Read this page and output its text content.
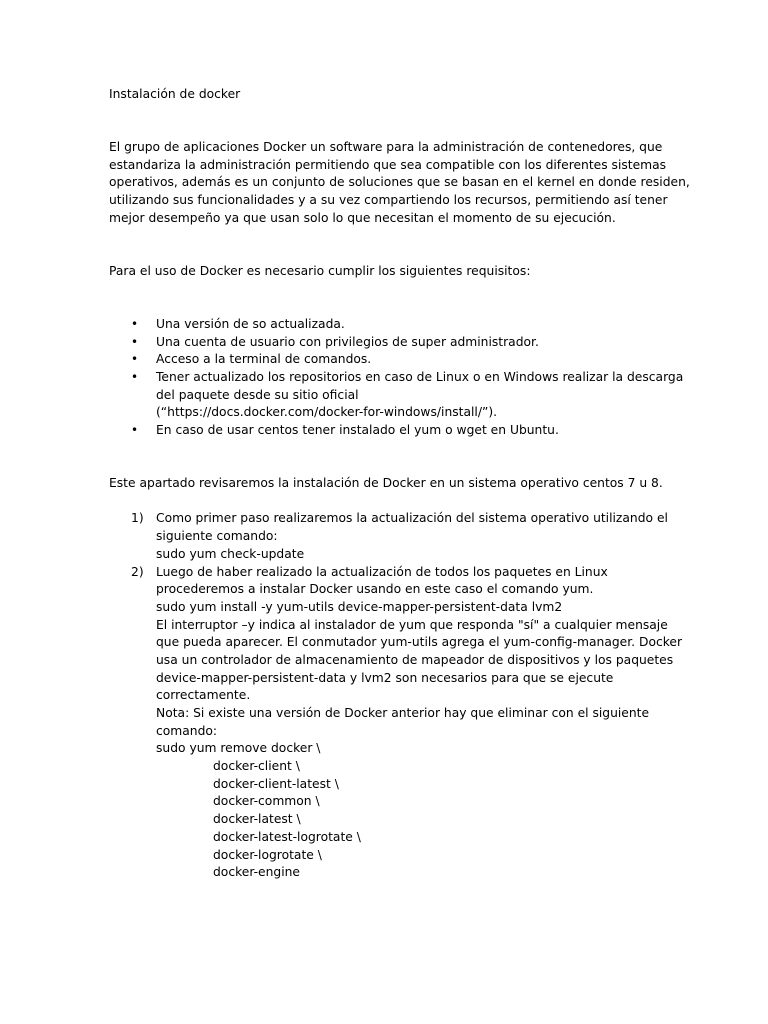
Instalación de docker
El grupo de aplicaciones Docker un software para la administración de contenedores, que
estandariza la administración permitiendo que sea compatible con los diferentes sistemas
operativos, además es un conjunto de soluciones que se basan en el kernel en donde residen,
utilizando sus funcionalidades y a su vez compartiendo los recursos, permitiendo así tener
mejor desempeño ya que usan solo lo que necesitan el momento de su ejecución.
Para el uso de Docker es necesario cumplir los siguientes requisitos:
• Una versión de so actualizada.
• Una cuenta de usuario con privilegios de super administrador.
• Acceso a la terminal de comandos.
• Tener actualizado los repositorios en caso de Linux o en Windows realizar la descarga
del paquete desde su sitio oficial
(“https://docs.docker.com/docker-for-windows/install/”).
• En caso de usar centos tener instalado el yum o wget en Ubuntu.
Este apartado revisaremos la instalación de Docker en un sistema operativo centos 7 u 8.
1) Como primer paso realizaremos la actualización del sistema operativo utilizando el
siguiente comando:
sudo yum check-update
2) Luego de haber realizado la actualización de todos los paquetes en Linux
procederemos a instalar Docker usando en este caso el comando yum.
sudo yum install -y yum-utils device-mapper-persistent-data lvm2
El interruptor –y indica al instalador de yum que responda "sí" a cualquier mensaje
que pueda aparecer. El conmutador yum-utils agrega el yum-config-manager. Docker
usa un controlador de almacenamiento de mapeador de dispositivos y los paquetes
device-mapper-persistent-data y lvm2 son necesarios para que se ejecute
correctamente.
Nota: Si existe una versión de Docker anterior hay que eliminar con el siguiente
comando:
sudo yum remove docker \
docker-client \
docker-client-latest \
docker-common \
docker-latest \
docker-latest-logrotate \
docker-logrotate \
docker-engine
